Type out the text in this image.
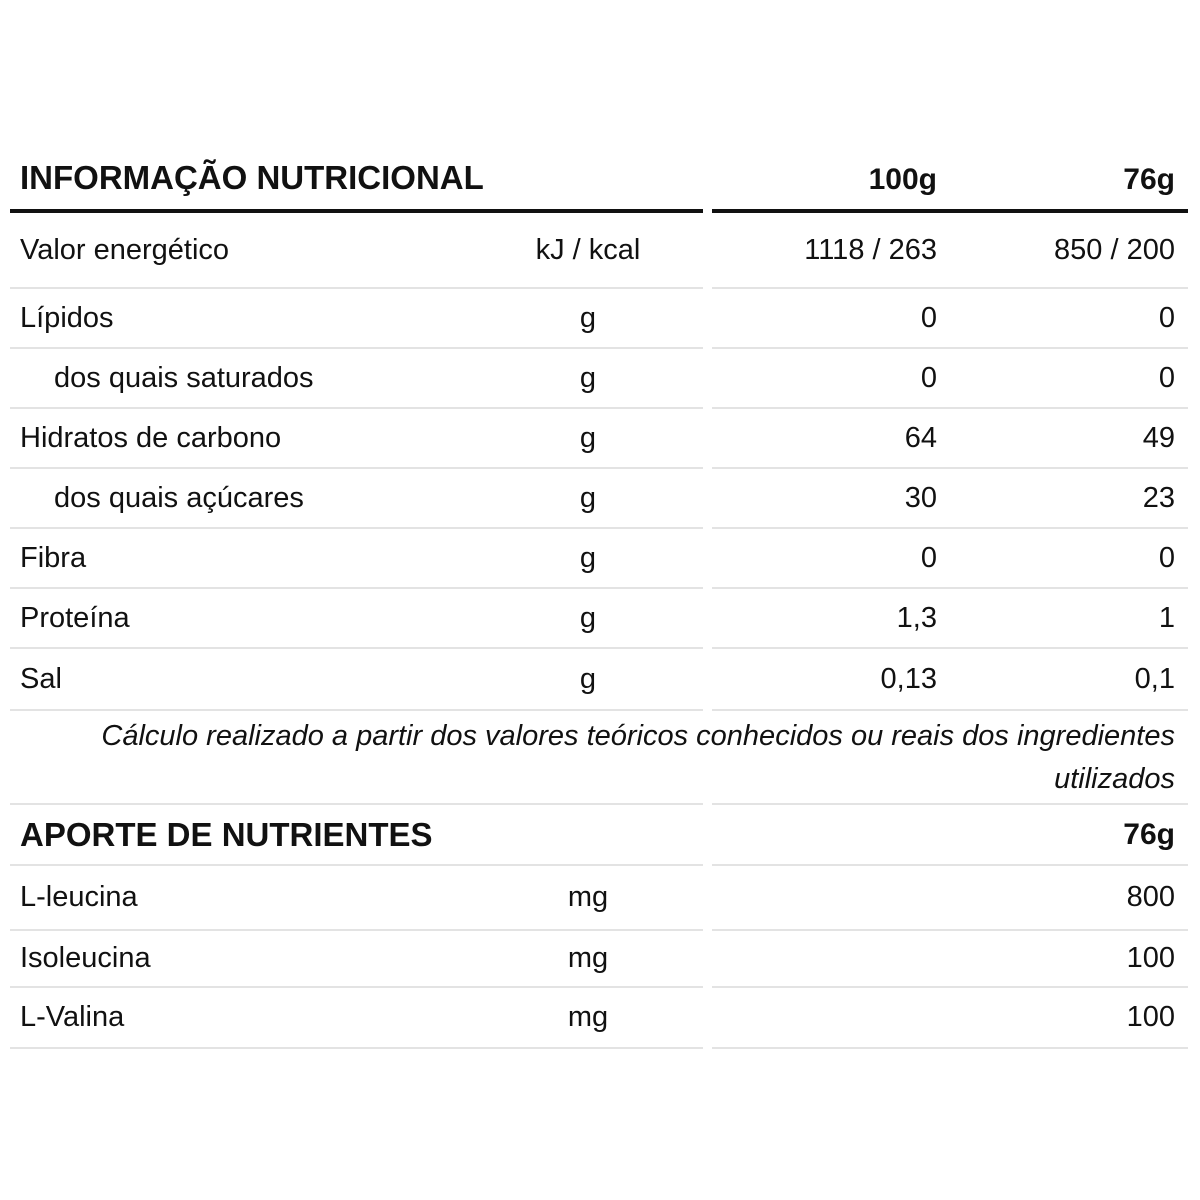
INFORMAÇÃO NUTRICIONAL	100g	76g
Valor energético	kJ / kcal	1118 / 263	850 / 200
Lípidos	g	0	0
dos quais saturados	g	0	0
Hidratos de carbono	g	64	49
dos quais açúcares	g	30	23
Fibra	g	0	0
Proteína	g	1,3	1
Sal	g	0,13	0,1
Cálculo realizado a partir dos valores teóricos conhecidos ou reais dos ingredientes
utilizados
APORTE DE NUTRIENTES	76g
L-leucina	mg	800
Isoleucina	mg	100
L-Valina	mg	100
